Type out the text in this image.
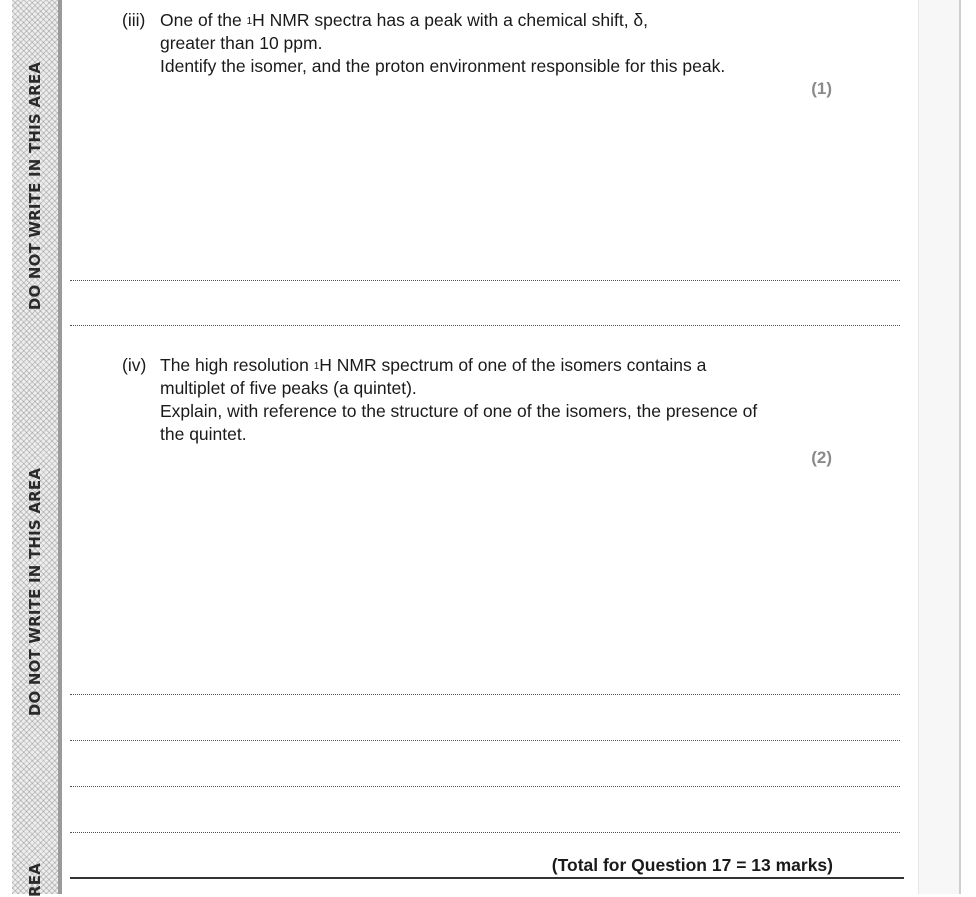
DO NOT WRITE IN THIS AREA
DO NOT WRITE IN THIS AREA
REA
(iii) One of the $^1$H NMR spectra has a peak with a chemical shift, δ,
greater than 10 ppm.
Identify the isomer, and the proton environment responsible for this peak.
(1)
(iv) The high resolution $^1$H NMR spectrum of one of the isomers contains a
multiplet of five peaks (a quintet).
Explain, with reference to the structure of one of the isomers, the presence of
the quintet.
(2)
(Total for Question 17 = 13 marks)
